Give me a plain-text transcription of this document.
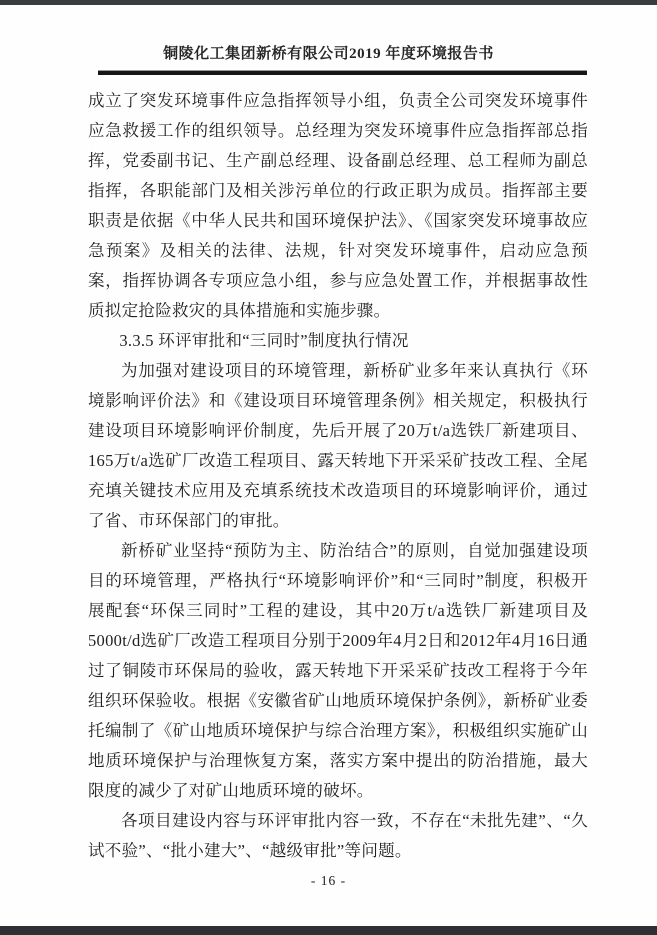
铜陵化工集团新桥有限公司2019 年度环境报告书

成立了突发环境事件应急指挥领导小组，负责全公司突发环境事件应急救援工作的组织领导。总经理为突发环境事件应急指挥部总指挥，党委副书记、生产副总经理、设备副总经理、总工程师为副总指挥，各职能部门及相关涉污单位的行政正职为成员。指挥部主要职责是依据《中华人民共和国环境保护法》、《国家突发环境事故应急预案》及相关的法律、法规，针对突发环境事件，启动应急预案，指挥协调各专项应急小组，参与应急处置工作，并根据事故性质拟定抢险救灾的具体措施和实施步骤。

3.3.5 环评审批和“三同时”制度执行情况

为加强对建设项目的环境管理，新桥矿业多年来认真执行《环境影响评价法》和《建设项目环境管理条例》相关规定，积极执行建设项目环境影响评价制度，先后开展了20万t/a选铁厂新建项目、165万t/a选矿厂改造工程项目、露天转地下开采采矿技改工程、全尾充填关键技术应用及充填系统技术改造项目的环境影响评价，通过了省、市环保部门的审批。

新桥矿业坚持“预防为主、防治结合”的原则，自觉加强建设项目的环境管理，严格执行“环境影响评价”和“三同时”制度，积极开展配套“环保三同时”工程的建设，其中20万t/a选铁厂新建项目及5000t/d选矿厂改造工程项目分别于2009年4月2日和2012年4月16日通过了铜陵市环保局的验收，露天转地下开采采矿技改工程将于今年组织环保验收。根据《安徽省矿山地质环境保护条例》，新桥矿业委托编制了《矿山地质环境保护与综合治理方案》，积极组织实施矿山地质环境保护与治理恢复方案，落实方案中提出的防治措施，最大限度的减少了对矿山地质环境的破坏。

各项目建设内容与环评审批内容一致，不存在“未批先建”、“久试不验”、“批小建大”、“越级审批”等问题。

- 16 -
